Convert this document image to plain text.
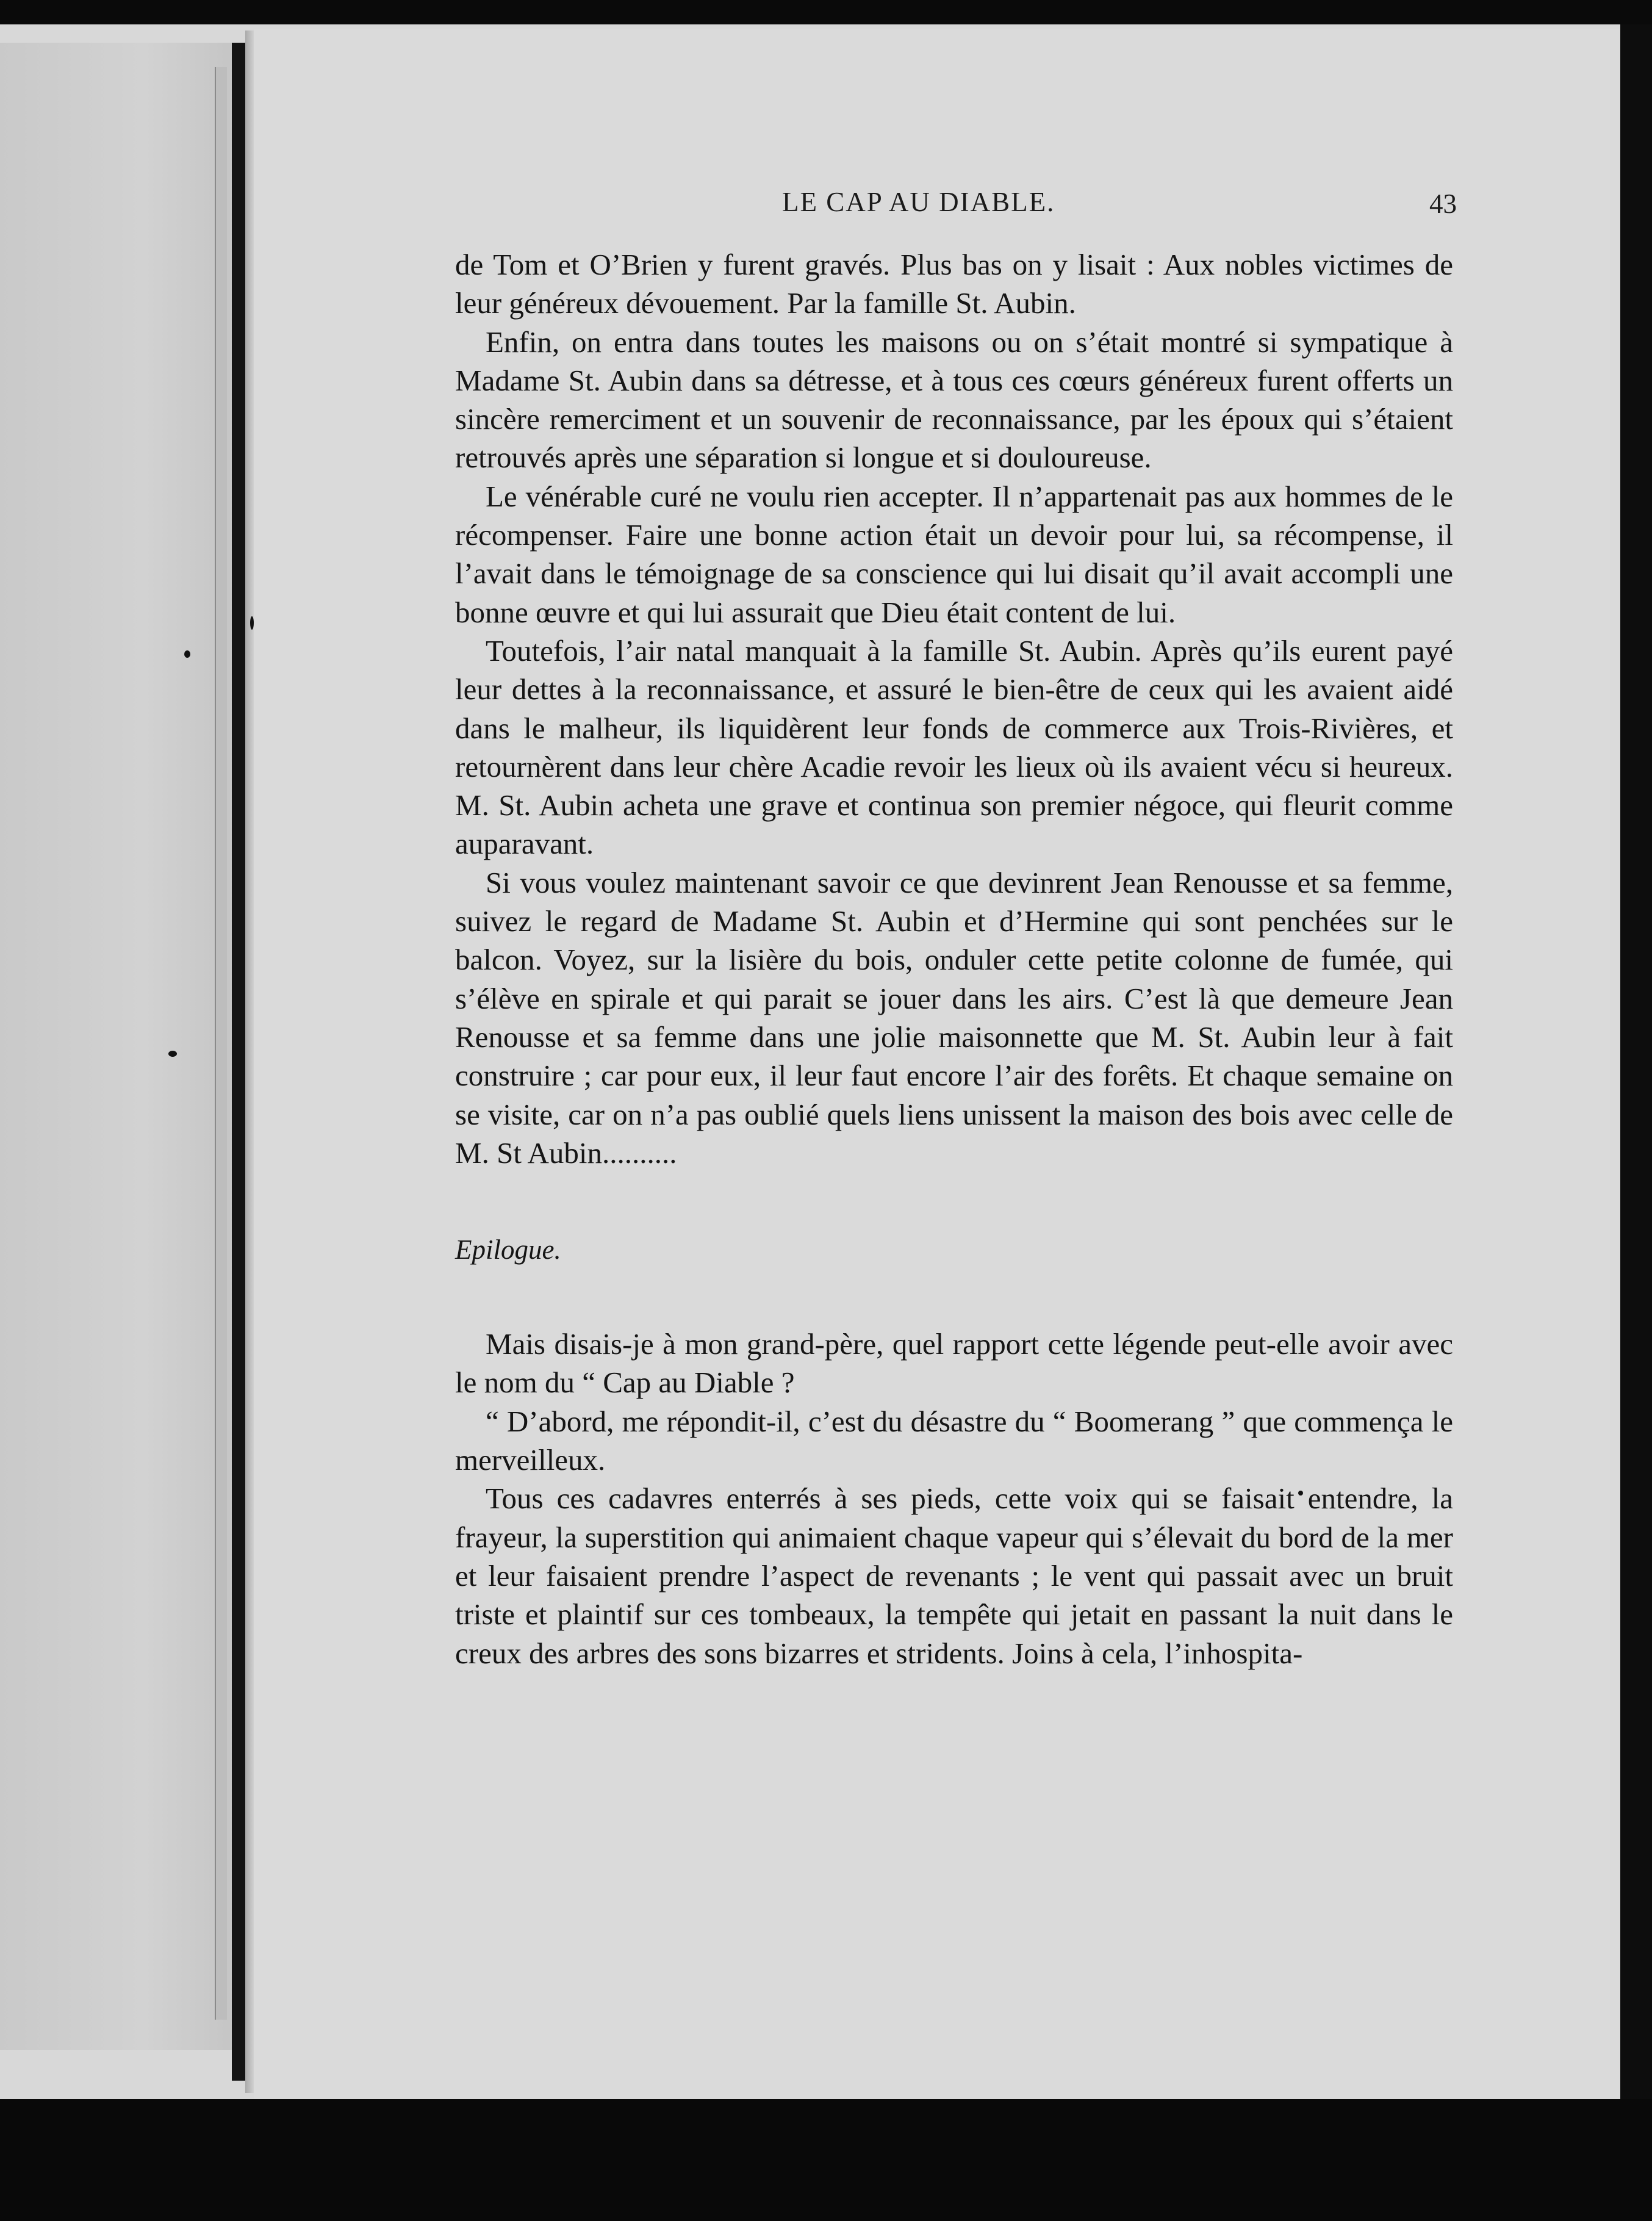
LE CAP AU DIABLE.	43

de Tom et O’Brien y furent gravés. Plus bas on y lisait : Aux nobles victimes de leur généreux dévouement. Par la famille St. Aubin.

Enfin, on entra dans toutes les maisons ou on s’était montré si sympatique à Madame St. Aubin dans sa détresse, et à tous ces cœurs généreux furent offerts un sincère remerciment et un souvenir de reconnaissance, par les époux qui s’étaient retrouvés après une séparation si longue et si douloureuse.

Le vénérable curé ne voulu rien accepter. Il n’appartenait pas aux hommes de le récompenser. Faire une bonne action était un devoir pour lui, sa récompense, il l’avait dans le témoignage de sa conscience qui lui disait qu’il avait accompli une bonne œuvre et qui lui assurait que Dieu était content de lui.

Toutefois, l’air natal manquait à la famille St. Aubin. Après qu’ils eurent payé leur dettes à la reconnaissance, et assuré le bien-être de ceux qui les avaient aidé dans le malheur, ils liquidèrent leur fonds de commerce aux Trois-Rivières, et retournèrent dans leur chère Acadie revoir les lieux où ils avaient vécu si heureux. M. St. Aubin acheta une grave et continua son premier négoce, qui fleurit comme auparavant.

Si vous voulez maintenant savoir ce que devinrent Jean Renousse et sa femme, suivez le regard de Madame St. Aubin et d’Hermine qui sont penchées sur le balcon. Voyez, sur la lisière du bois, onduler cette petite colonne de fumée, qui s’élève en spirale et qui parait se jouer dans les airs. C’est là que demeure Jean Renousse et sa femme dans une jolie maisonnette que M. St. Aubin leur à fait construire ; car pour eux, il leur faut encore l’air des forêts. Et chaque semaine on se visite, car on n’a pas oublié quels liens unissent la maison des bois avec celle de M. St Aubin..........

Epilogue.

Mais disais-je à mon grand-père, quel rapport cette légende peut-elle avoir avec le nom du “ Cap au Diable ?

“ D’abord, me répondit-il, c’est du désastre du “ Boomerang ” que commença le merveilleux.

Tous ces cadavres enterrés à ses pieds, cette voix qui se faisait entendre, la frayeur, la superstition qui animaient chaque vapeur qui s’élevait du bord de la mer et leur faisaient prendre l’aspect de revenants ; le vent qui passait avec un bruit triste et plaintif sur ces tombeaux, la tempête qui jetait en passant la nuit dans le creux des arbres des sons bizarres et stridents. Joins à cela, l’inhospita-
